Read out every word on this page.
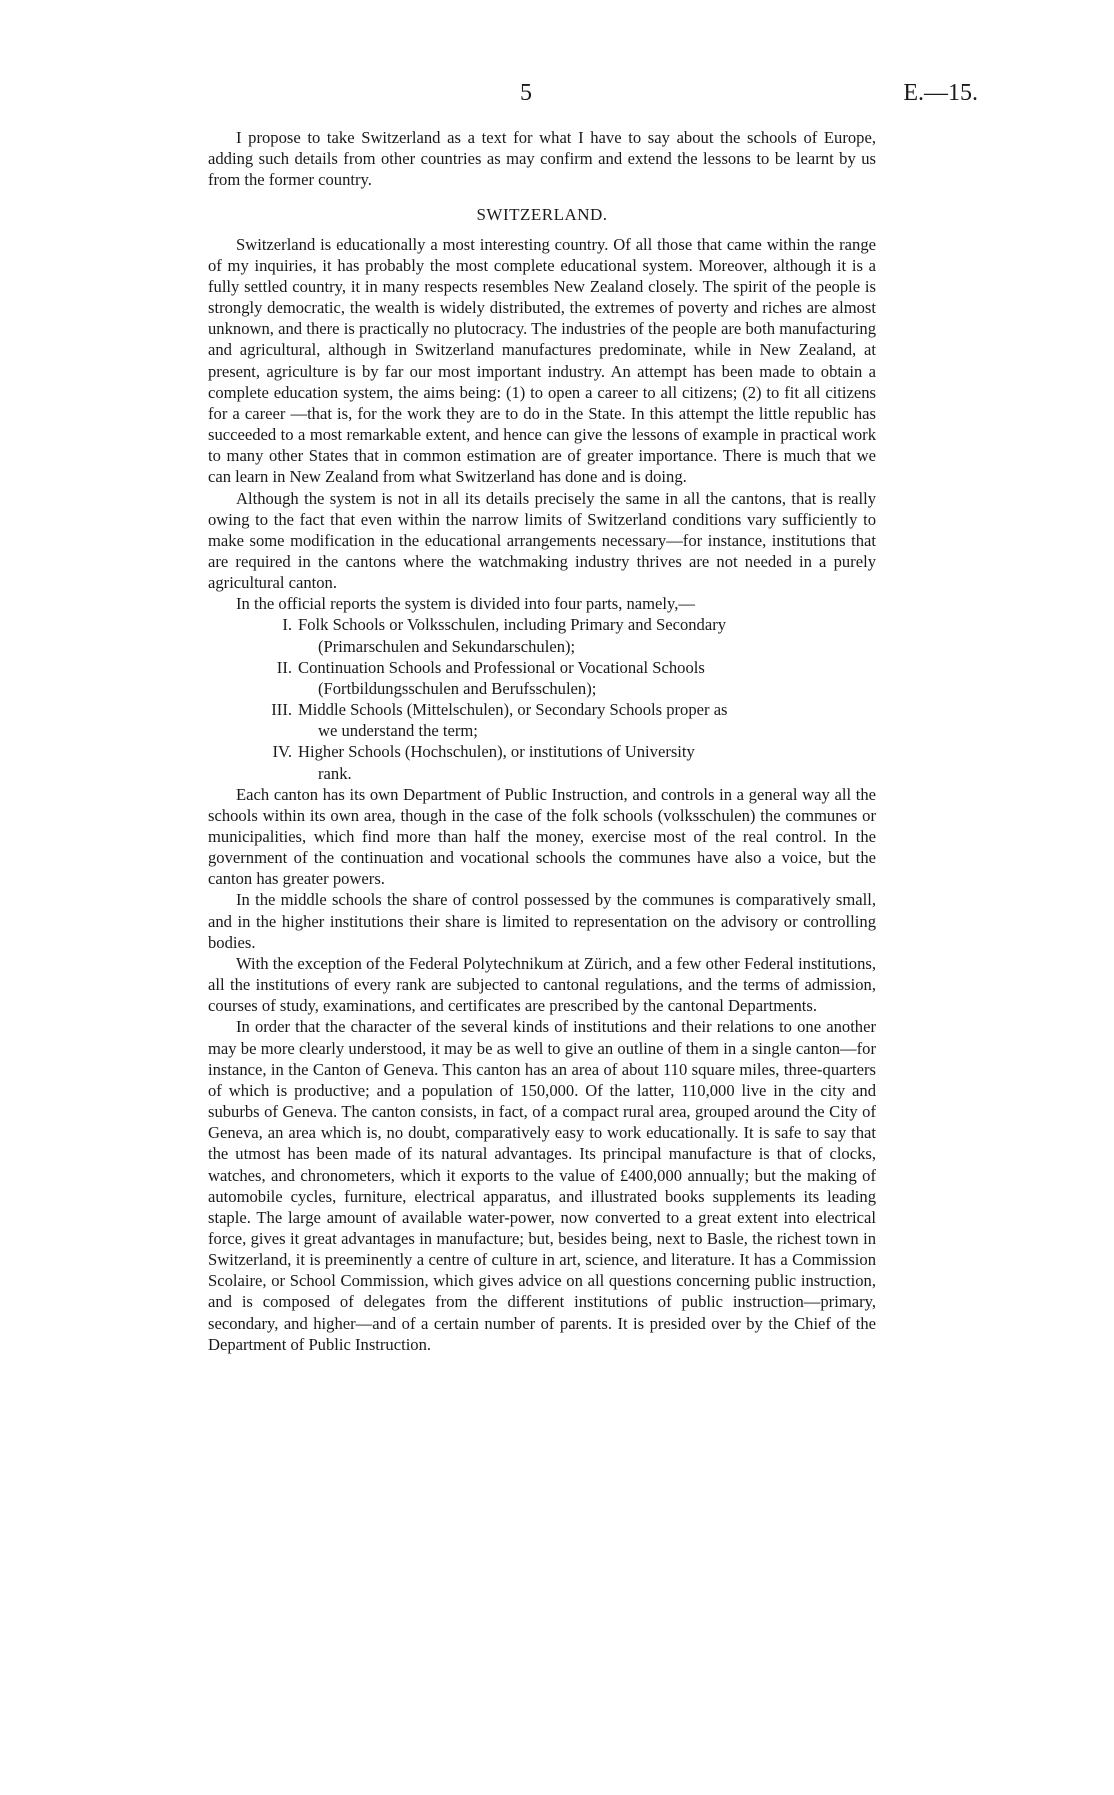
5	E.—15.

I propose to take Switzerland as a text for what I have to say about the schools of Europe, adding such details from other countries as may confirm and extend the lessons to be learnt by us from the former country.

SWITZERLAND.

Switzerland is educationally a most interesting country. Of all those that came within the range of my inquiries, it has probably the most complete educational system. Moreover, although it is a fully settled country, it in many respects resembles New Zealand closely. The spirit of the people is strongly democratic, the wealth is widely distributed, the extremes of poverty and riches are almost unknown, and there is practically no plutocracy. The industries of the people are both manufacturing and agricultural, although in Switzerland manufactures predominate, while in New Zealand, at present, agriculture is by far our most important industry. An attempt has been made to obtain a complete education system, the aims being: (1) to open a career to all citizens; (2) to fit all citizens for a career —that is, for the work they are to do in the State. In this attempt the little republic has succeeded to a most remarkable extent, and hence can give the lessons of example in practical work to many other States that in common estimation are of greater importance. There is much that we can learn in New Zealand from what Switzerland has done and is doing.

Although the system is not in all its details precisely the same in all the cantons, that is really owing to the fact that even within the narrow limits of Switzerland conditions vary sufficiently to make some modification in the educational arrangements necessary—for instance, institutions that are required in the cantons where the watchmaking industry thrives are not needed in a purely agricultural canton.

In the official reports the system is divided into four parts, namely,—

I. Folk Schools or Volksschulen, including Primary and Secondary
(Primarschulen and Sekundarschulen);
II. Continuation Schools and Professional or Vocational Schools
(Fortbildungsschulen and Berufsschulen);
III. Middle Schools (Mittelschulen), or Secondary Schools proper as
we understand the term;
IV. Higher Schools (Hochschulen), or institutions of University
rank.

Each canton has its own Department of Public Instruction, and controls in a general way all the schools within its own area, though in the case of the folk schools (volksschulen) the communes or municipalities, which find more than half the money, exercise most of the real control. In the government of the continuation and vocational schools the communes have also a voice, but the canton has greater powers.

In the middle schools the share of control possessed by the communes is comparatively small, and in the higher institutions their share is limited to representation on the advisory or controlling bodies.

With the exception of the Federal Polytechnikum at Zürich, and a few other Federal institutions, all the institutions of every rank are subjected to cantonal regulations, and the terms of admission, courses of study, examinations, and certificates are prescribed by the cantonal Departments.

In order that the character of the several kinds of institutions and their relations to one another may be more clearly understood, it may be as well to give an outline of them in a single canton—for instance, in the Canton of Geneva. This canton has an area of about 110 square miles, three-quarters of which is productive; and a population of 150,000. Of the latter, 110,000 live in the city and suburbs of Geneva. The canton consists, in fact, of a compact rural area, grouped around the City of Geneva, an area which is, no doubt, comparatively easy to work educationally. It is safe to say that the utmost has been made of its natural advantages. Its principal manufacture is that of clocks, watches, and chronometers, which it exports to the value of £400,000 annually; but the making of automobile cycles, furniture, electrical apparatus, and illustrated books supplements its leading staple. The large amount of available water-power, now converted to a great extent into electrical force, gives it great advantages in manufacture; but, besides being, next to Basle, the richest town in Switzerland, it is preeminently a centre of culture in art, science, and literature. It has a Commission Scolaire, or School Commission, which gives advice on all questions concerning public instruction, and is composed of delegates from the different institutions of public instruction—primary, secondary, and higher—and of a certain number of parents. It is presided over by the Chief of the Department of Public Instruction.
